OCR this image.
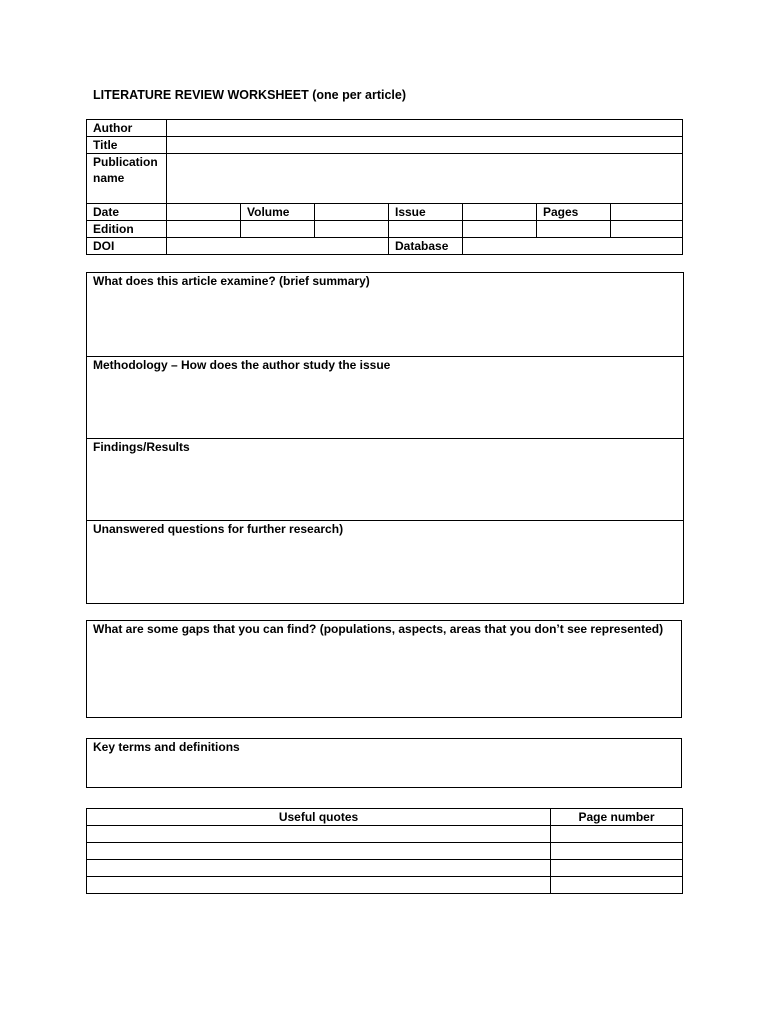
LITERATURE REVIEW WORKSHEET (one per article)
Author							
Title							
Publication
name							
Date		Volume		Issue		Pages	
Edition							
DOI				Database			
What does this article examine? (brief summary)
Methodology – How does the author study the issue
Findings/Results
Unanswered questions for further research)
What are some gaps that you can find? (populations, aspects, areas that you don’t see represented)
Key terms and definitions
Useful quotes	Page number
